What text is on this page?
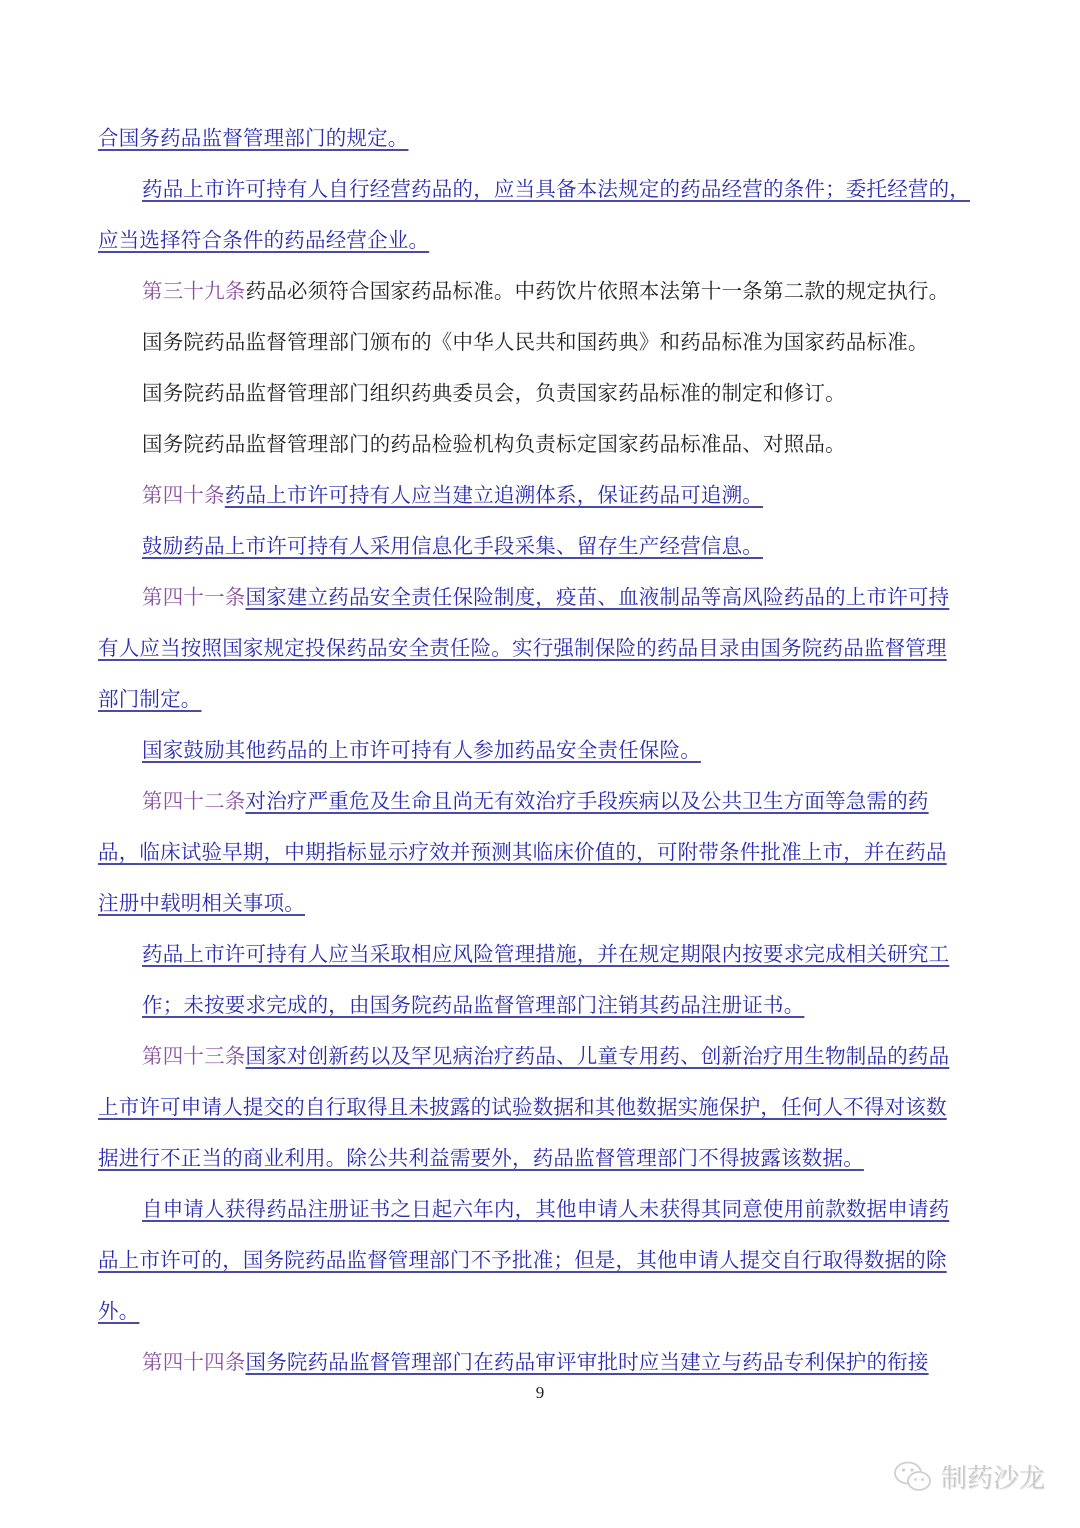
合国务药品监督管理部门的规定。
药品上市许可持有人自行经营药品的，应当具备本法规定的药品经营的条件；委托经营的，
应当选择符合条件的药品经营企业。
第三十九条药品必须符合国家药品标准。中药饮片依照本法第十一条第二款的规定执行。
国务院药品监督管理部门颁布的《中华人民共和国药典》和药品标准为国家药品标准。
国务院药品监督管理部门组织药典委员会，负责国家药品标准的制定和修订。
国务院药品监督管理部门的药品检验机构负责标定国家药品标准品、对照品。
第四十条药品上市许可持有人应当建立追溯体系，保证药品可追溯。
鼓励药品上市许可持有人采用信息化手段采集、留存生产经营信息。
第四十一条国家建立药品安全责任保险制度，疫苗、血液制品等高风险药品的上市许可持
有人应当按照国家规定投保药品安全责任险。实行强制保险的药品目录由国务院药品监督管理
部门制定。
国家鼓励其他药品的上市许可持有人参加药品安全责任保险。
第四十二条对治疗严重危及生命且尚无有效治疗手段疾病以及公共卫生方面等急需的药
品，临床试验早期，中期指标显示疗效并预测其临床价值的，可附带条件批准上市，并在药品
注册中载明相关事项。
药品上市许可持有人应当采取相应风险管理措施，并在规定期限内按要求完成相关研究工
作；未按要求完成的，由国务院药品监督管理部门注销其药品注册证书。
第四十三条国家对创新药以及罕见病治疗药品、儿童专用药、创新治疗用生物制品的药品
上市许可申请人提交的自行取得且未披露的试验数据和其他数据实施保护，任何人不得对该数
据进行不正当的商业利用。除公共利益需要外，药品监督管理部门不得披露该数据。
自申请人获得药品注册证书之日起六年内，其他申请人未获得其同意使用前款数据申请药
品上市许可的，国务院药品监督管理部门不予批准；但是，其他申请人提交自行取得数据的除
外。
第四十四条国务院药品监督管理部门在药品审评审批时应当建立与药品专利保护的衔接
9
制药沙龙
